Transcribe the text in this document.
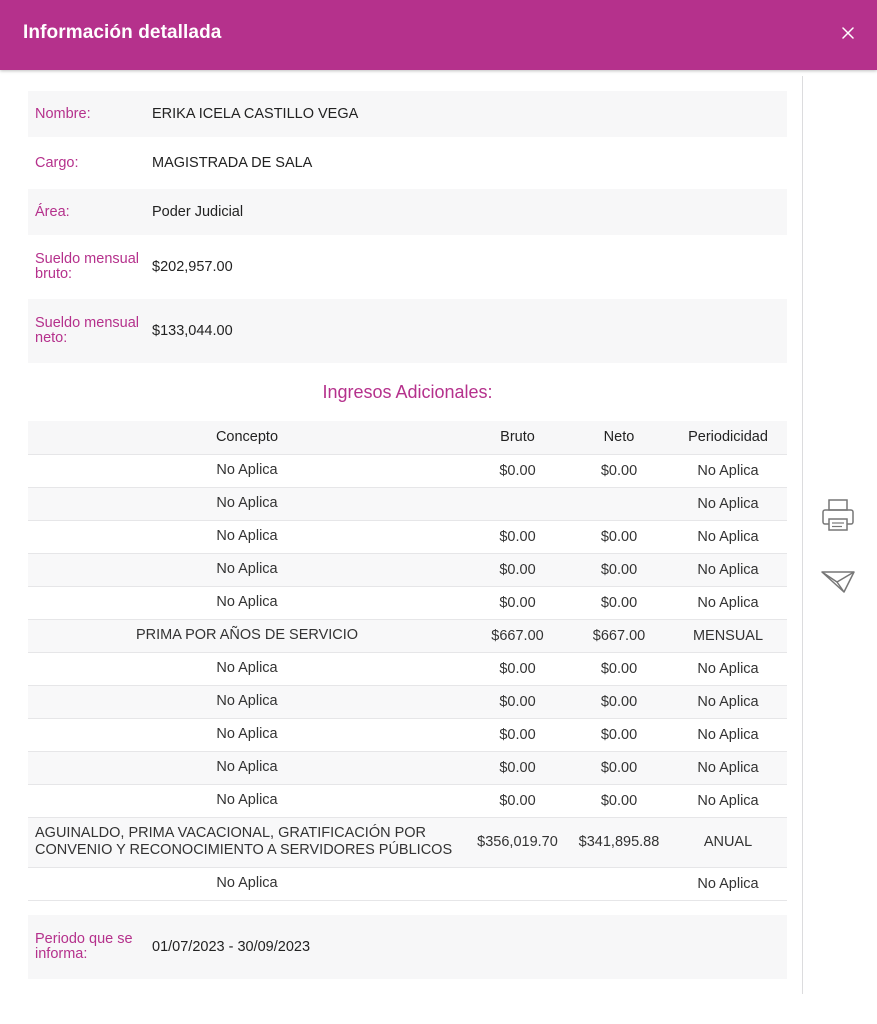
Información detallada
Nombre:	ERIKA ICELA CASTILLO VEGA
Cargo:	MAGISTRADA DE SALA
Área:	Poder Judicial
Sueldo mensual bruto:	$202,957.00
Sueldo mensual neto:	$133,044.00
Ingresos Adicionales:
Concepto	Bruto	Neto	Periodicidad
No Aplica	$0.00	$0.00	No Aplica
No Aplica			No Aplica
No Aplica	$0.00	$0.00	No Aplica
No Aplica	$0.00	$0.00	No Aplica
No Aplica	$0.00	$0.00	No Aplica
PRIMA POR AÑOS DE SERVICIO	$667.00	$667.00	MENSUAL
No Aplica	$0.00	$0.00	No Aplica
No Aplica	$0.00	$0.00	No Aplica
No Aplica	$0.00	$0.00	No Aplica
No Aplica	$0.00	$0.00	No Aplica
No Aplica	$0.00	$0.00	No Aplica
AGUINALDO, PRIMA VACACIONAL, GRATIFICACIÓN POR CONVENIO Y RECONOCIMIENTO A SERVIDORES PÚBLICOS	$356,019.70	$341,895.88	ANUAL
No Aplica			No Aplica
Periodo que se informa:	01/07/2023 - 30/09/2023
